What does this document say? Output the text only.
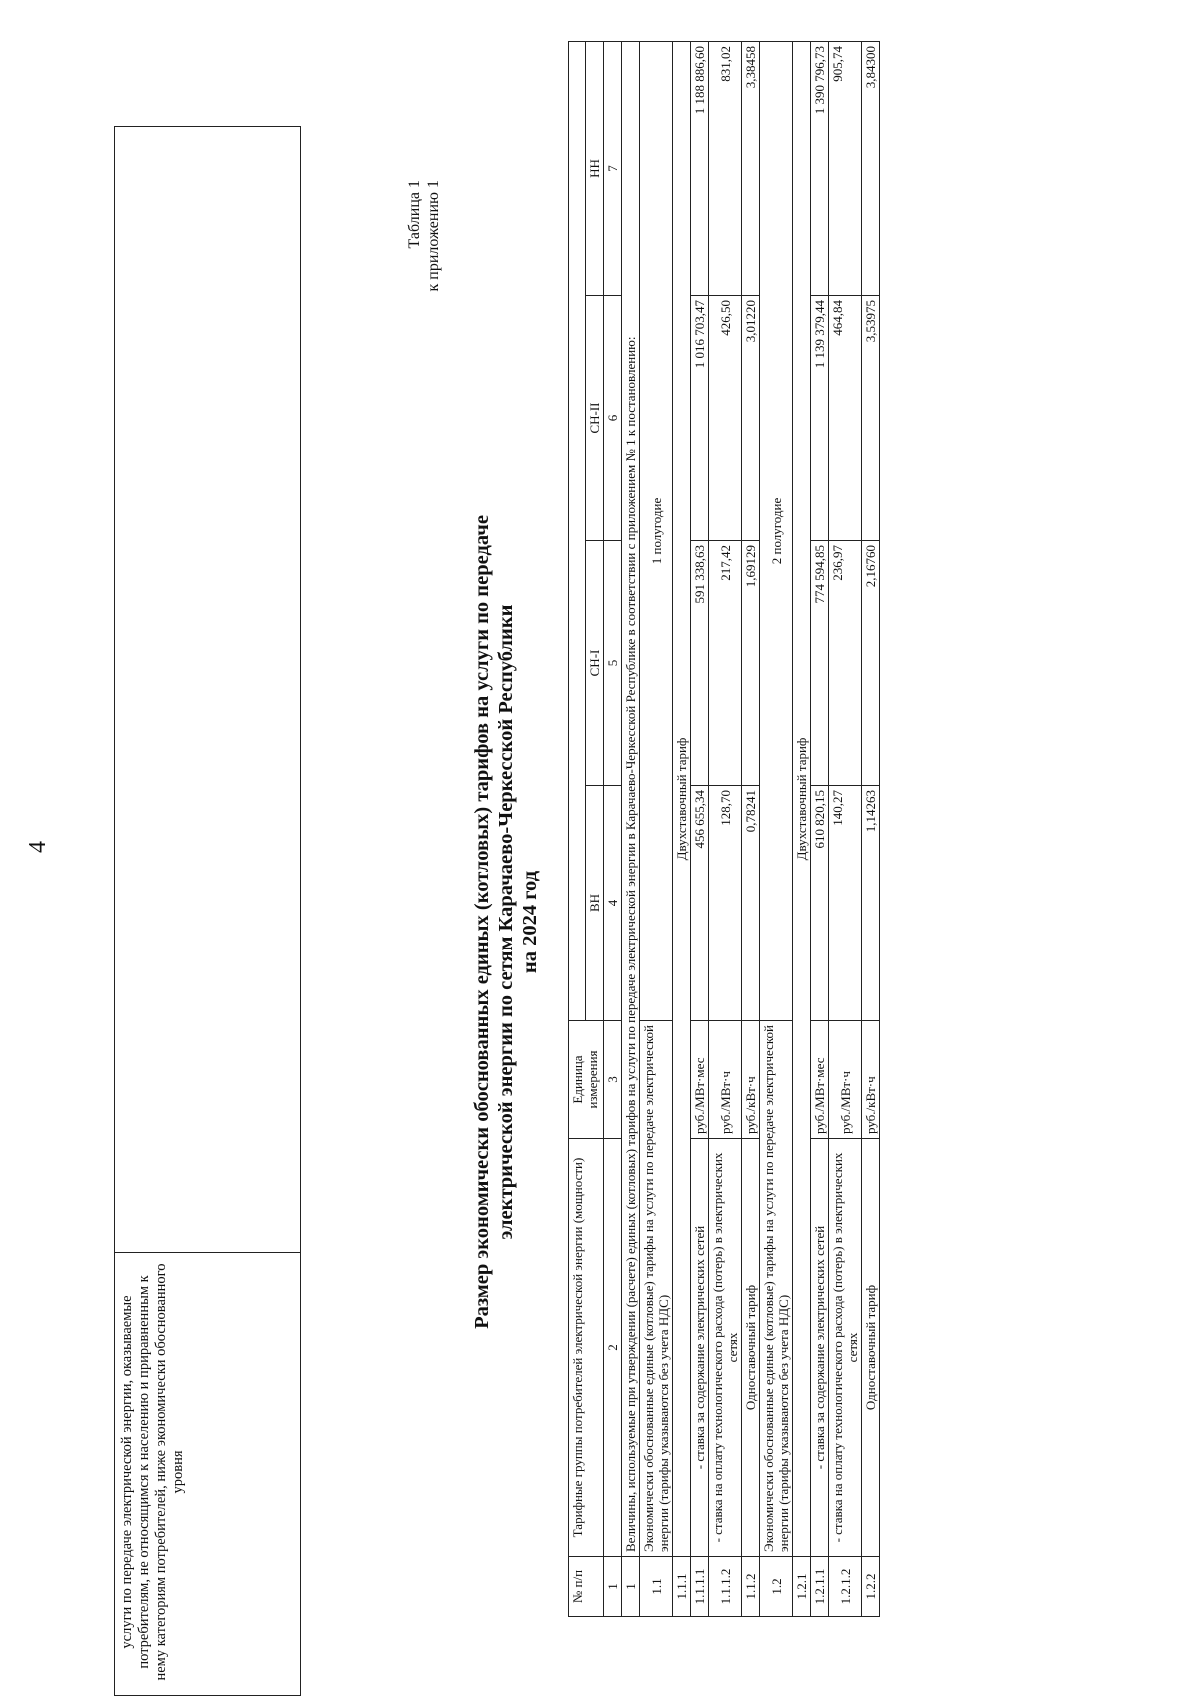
4
услуги по передаче электрической энергии, оказываемые потребителям, не относящимся к населению и приравненным к нему категориям потребителей, ниже экономически обоснованного уровня
Таблица 1 к приложению 1
Размер экономически обоснованных единых (котловых) тарифов на услуги по передаче электрической энергии по сетям Карачаево-Черкесской Республики на 2024 год
№ п/п	Тарифные группы потребителей электрической энергии (мощности)	Единица измерения				
			ВН	СН-I	СН-II	НН
1	2	3	4	5	6	7
1	Величины, используемые при утверждении (расчете) единых (котловых) тарифов на услуги по передаче электрической энергии в Карачаево-Черкесской Республике в соответствии с приложением № 1 к постановлению:					
1.1	Экономически обоснованные единые (котловые) тарифы на услуги по передаче электрической энергии (тарифы указываются без учета НДС)		1 полугодие			
1.1.1	Двухставочный тариф					
1.1.1.1	- ставка за содержание электрических сетей	руб./МВт·мес	456 655,34	591 338,63	1 016 703,47	1 188 886,60
1.1.1.2	- ставка на оплату технологического расхода (потерь) в электрических сетях	руб./МВт·ч	128,70	217,42	426,50	831,02
1.1.2	Одноставочный тариф	руб./кВт·ч	0,78241	1,69129	3,01220	3,38458
1.2	Экономически обоснованные единые (котловые) тарифы на услуги по передаче электрической энергии (тарифы указываются без учета НДС)		2 полугодие			
1.2.1	Двухставочный тариф					
1.2.1.1	- ставка за содержание электрических сетей	руб./МВт·мес	610 820,15	774 594,85	1 139 379,44	1 390 796,73
1.2.1.2	- ставка на оплату технологического расхода (потерь) в электрических сетях	руб./МВт·ч	140,27	236,97	464,84	905,74
1.2.2	Одноставочный тариф	руб./кВт·ч	1,14263	2,16760	3,53975	3,84300
